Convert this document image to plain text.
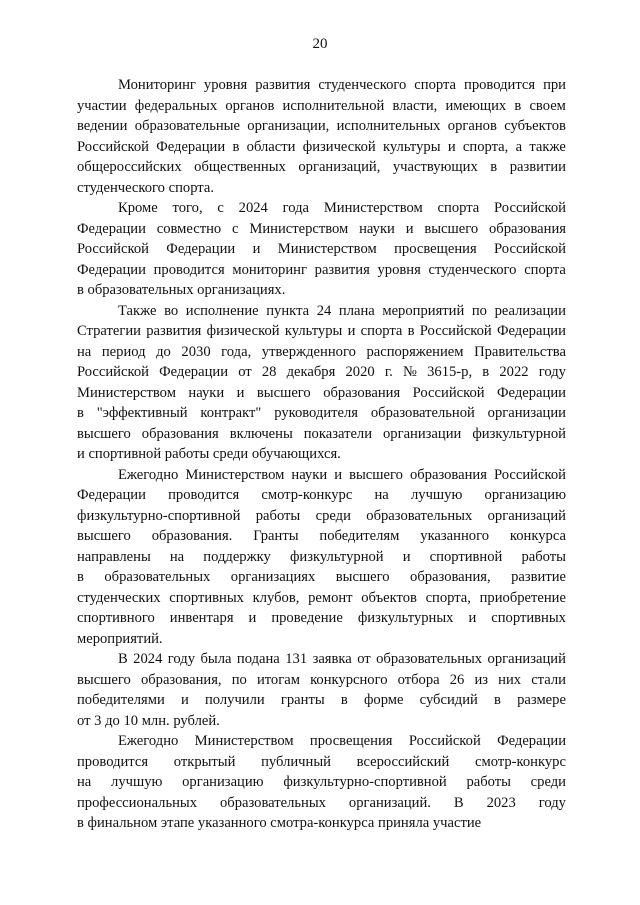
20

Мониторинг уровня развития студенческого спорта проводится при
участии федеральных органов исполнительной власти, имеющих в своем
ведении образовательные организации, исполнительных органов субъектов
Российской Федерации в области физической культуры и спорта, а также
общероссийских общественных организаций, участвующих в развитии
студенческого спорта.

Кроме того, с 2024 года Министерством спорта Российской
Федерации совместно с Министерством науки и высшего образования
Российской Федерации и Министерством просвещения Российской
Федерации проводится мониторинг развития уровня студенческого спорта
в образовательных организациях.

Также во исполнение пункта 24 плана мероприятий по реализации
Стратегии развития физической культуры и спорта в Российской Федерации
на период до 2030 года, утвержденного распоряжением Правительства
Российской Федерации от 28 декабря 2020 г. № 3615-р, в 2022 году
Министерством науки и высшего образования Российской Федерации
в "эффективный контракт" руководителя образовательной организации
высшего образования включены показатели организации физкультурной
и спортивной работы среди обучающихся.

Ежегодно Министерством науки и высшего образования Российской
Федерации проводится смотр-конкурс на лучшую организацию
физкультурно-спортивной работы среди образовательных организаций
высшего образования. Гранты победителям указанного конкурса
направлены на поддержку физкультурной и спортивной работы
в образовательных организациях высшего образования, развитие
студенческих спортивных клубов, ремонт объектов спорта, приобретение
спортивного инвентаря и проведение физкультурных и спортивных
мероприятий.

В 2024 году была подана 131 заявка от образовательных организаций
высшего образования, по итогам конкурсного отбора 26 из них стали
победителями и получили гранты в форме субсидий в размере
от 3 до 10 млн. рублей.

Ежегодно Министерством просвещения Российской Федерации
проводится открытый публичный всероссийский смотр-конкурс
на лучшую организацию физкультурно-спортивной работы среди
профессиональных образовательных организаций. В 2023 году
в финальном этапе указанного смотра-конкурса приняла участие
